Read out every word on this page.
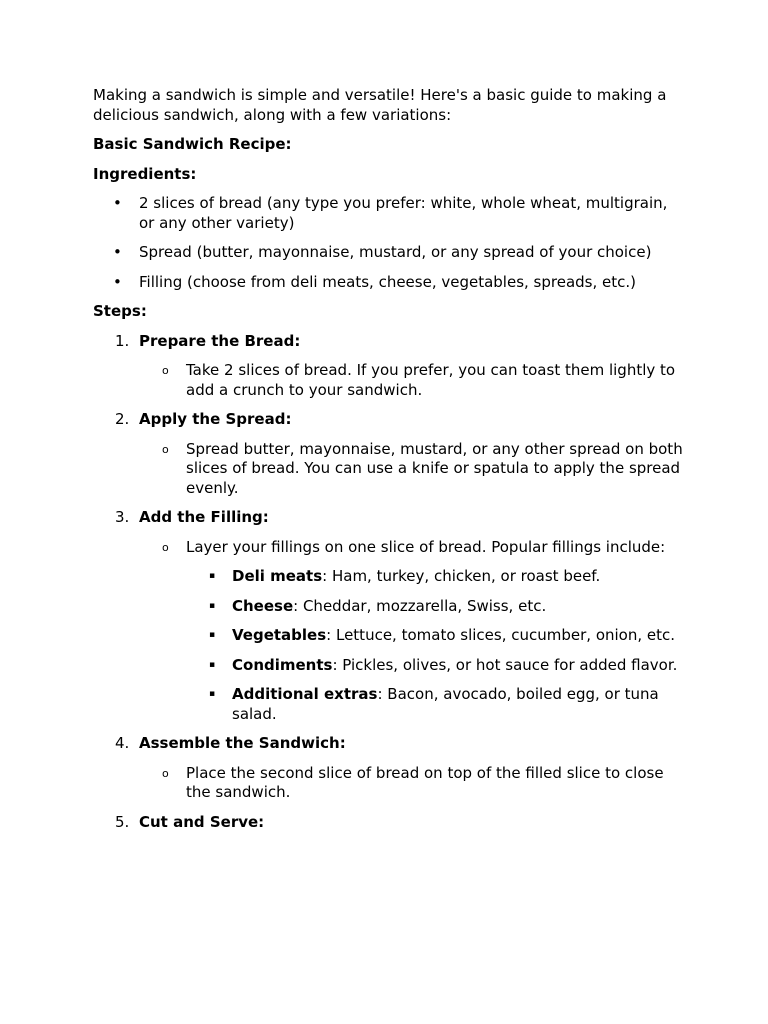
Making a sandwich is simple and versatile! Here's a basic guide to making a delicious sandwich, along with a few variations:

Basic Sandwich Recipe:

Ingredients:

• 2 slices of bread (any type you prefer: white, whole wheat, multigrain, or any other variety)
• Spread (butter, mayonnaise, mustard, or any spread of your choice)
• Filling (choose from deli meats, cheese, vegetables, spreads, etc.)

Steps:

1. Prepare the Bread:
o Take 2 slices of bread. If you prefer, you can toast them lightly to add a crunch to your sandwich.
2. Apply the Spread:
o Spread butter, mayonnaise, mustard, or any other spread on both slices of bread. You can use a knife or spatula to apply the spread evenly.
3. Add the Filling:
o Layer your fillings on one slice of bread. Popular fillings include:
▪ Deli meats: Ham, turkey, chicken, or roast beef.
▪ Cheese: Cheddar, mozzarella, Swiss, etc.
▪ Vegetables: Lettuce, tomato slices, cucumber, onion, etc.
▪ Condiments: Pickles, olives, or hot sauce for added flavor.
▪ Additional extras: Bacon, avocado, boiled egg, or tuna salad.
4. Assemble the Sandwich:
o Place the second slice of bread on top of the filled slice to close the sandwich.
5. Cut and Serve:
